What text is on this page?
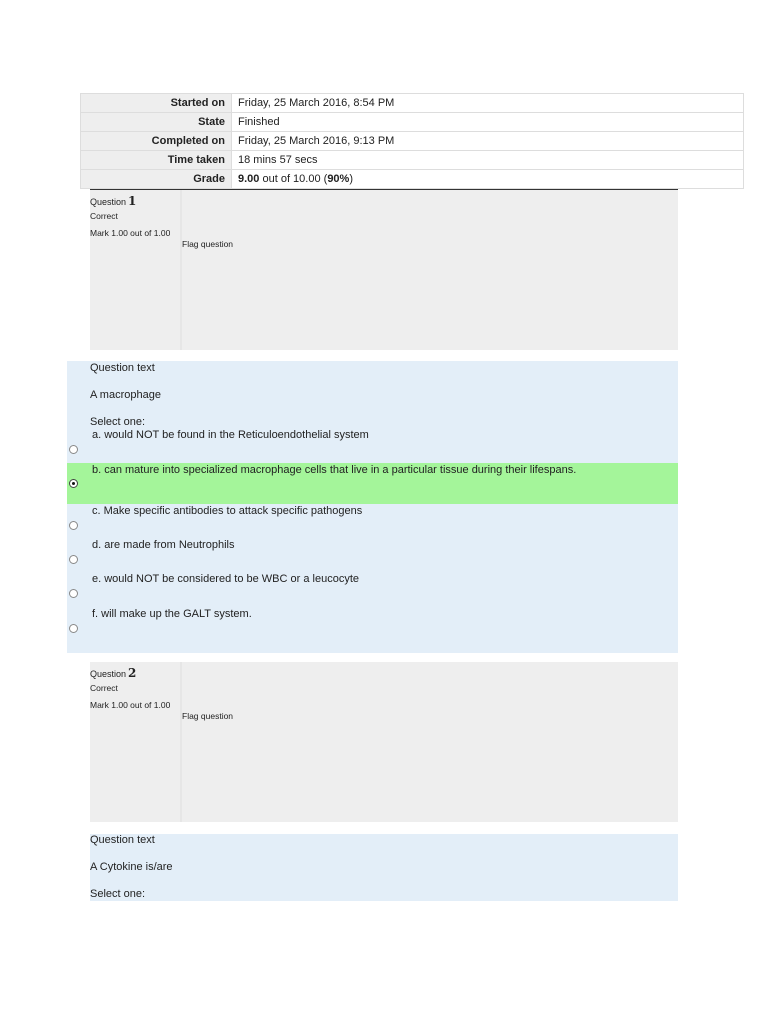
Started on	Friday, 25 March 2016, 8:54 PM
State	Finished
Completed on	Friday, 25 March 2016, 9:13 PM
Time taken	18 mins 57 secs
Grade	9.00 out of 10.00 (90%)
Question 1
Correct
Mark 1.00 out of 1.00
Flag question
Question text
A macrophage
Select one:
a. would NOT be found in the Reticuloendothelial system
b. can mature into specialized macrophage cells that live in a particular tissue during their lifespans.
c. Make specific antibodies to attack specific pathogens
d. are made from Neutrophils
e. would NOT be considered to be WBC or a leucocyte
f. will make up the GALT system.
Question 2
Correct
Mark 1.00 out of 1.00
Flag question
Question text
A Cytokine is/are
Select one:
